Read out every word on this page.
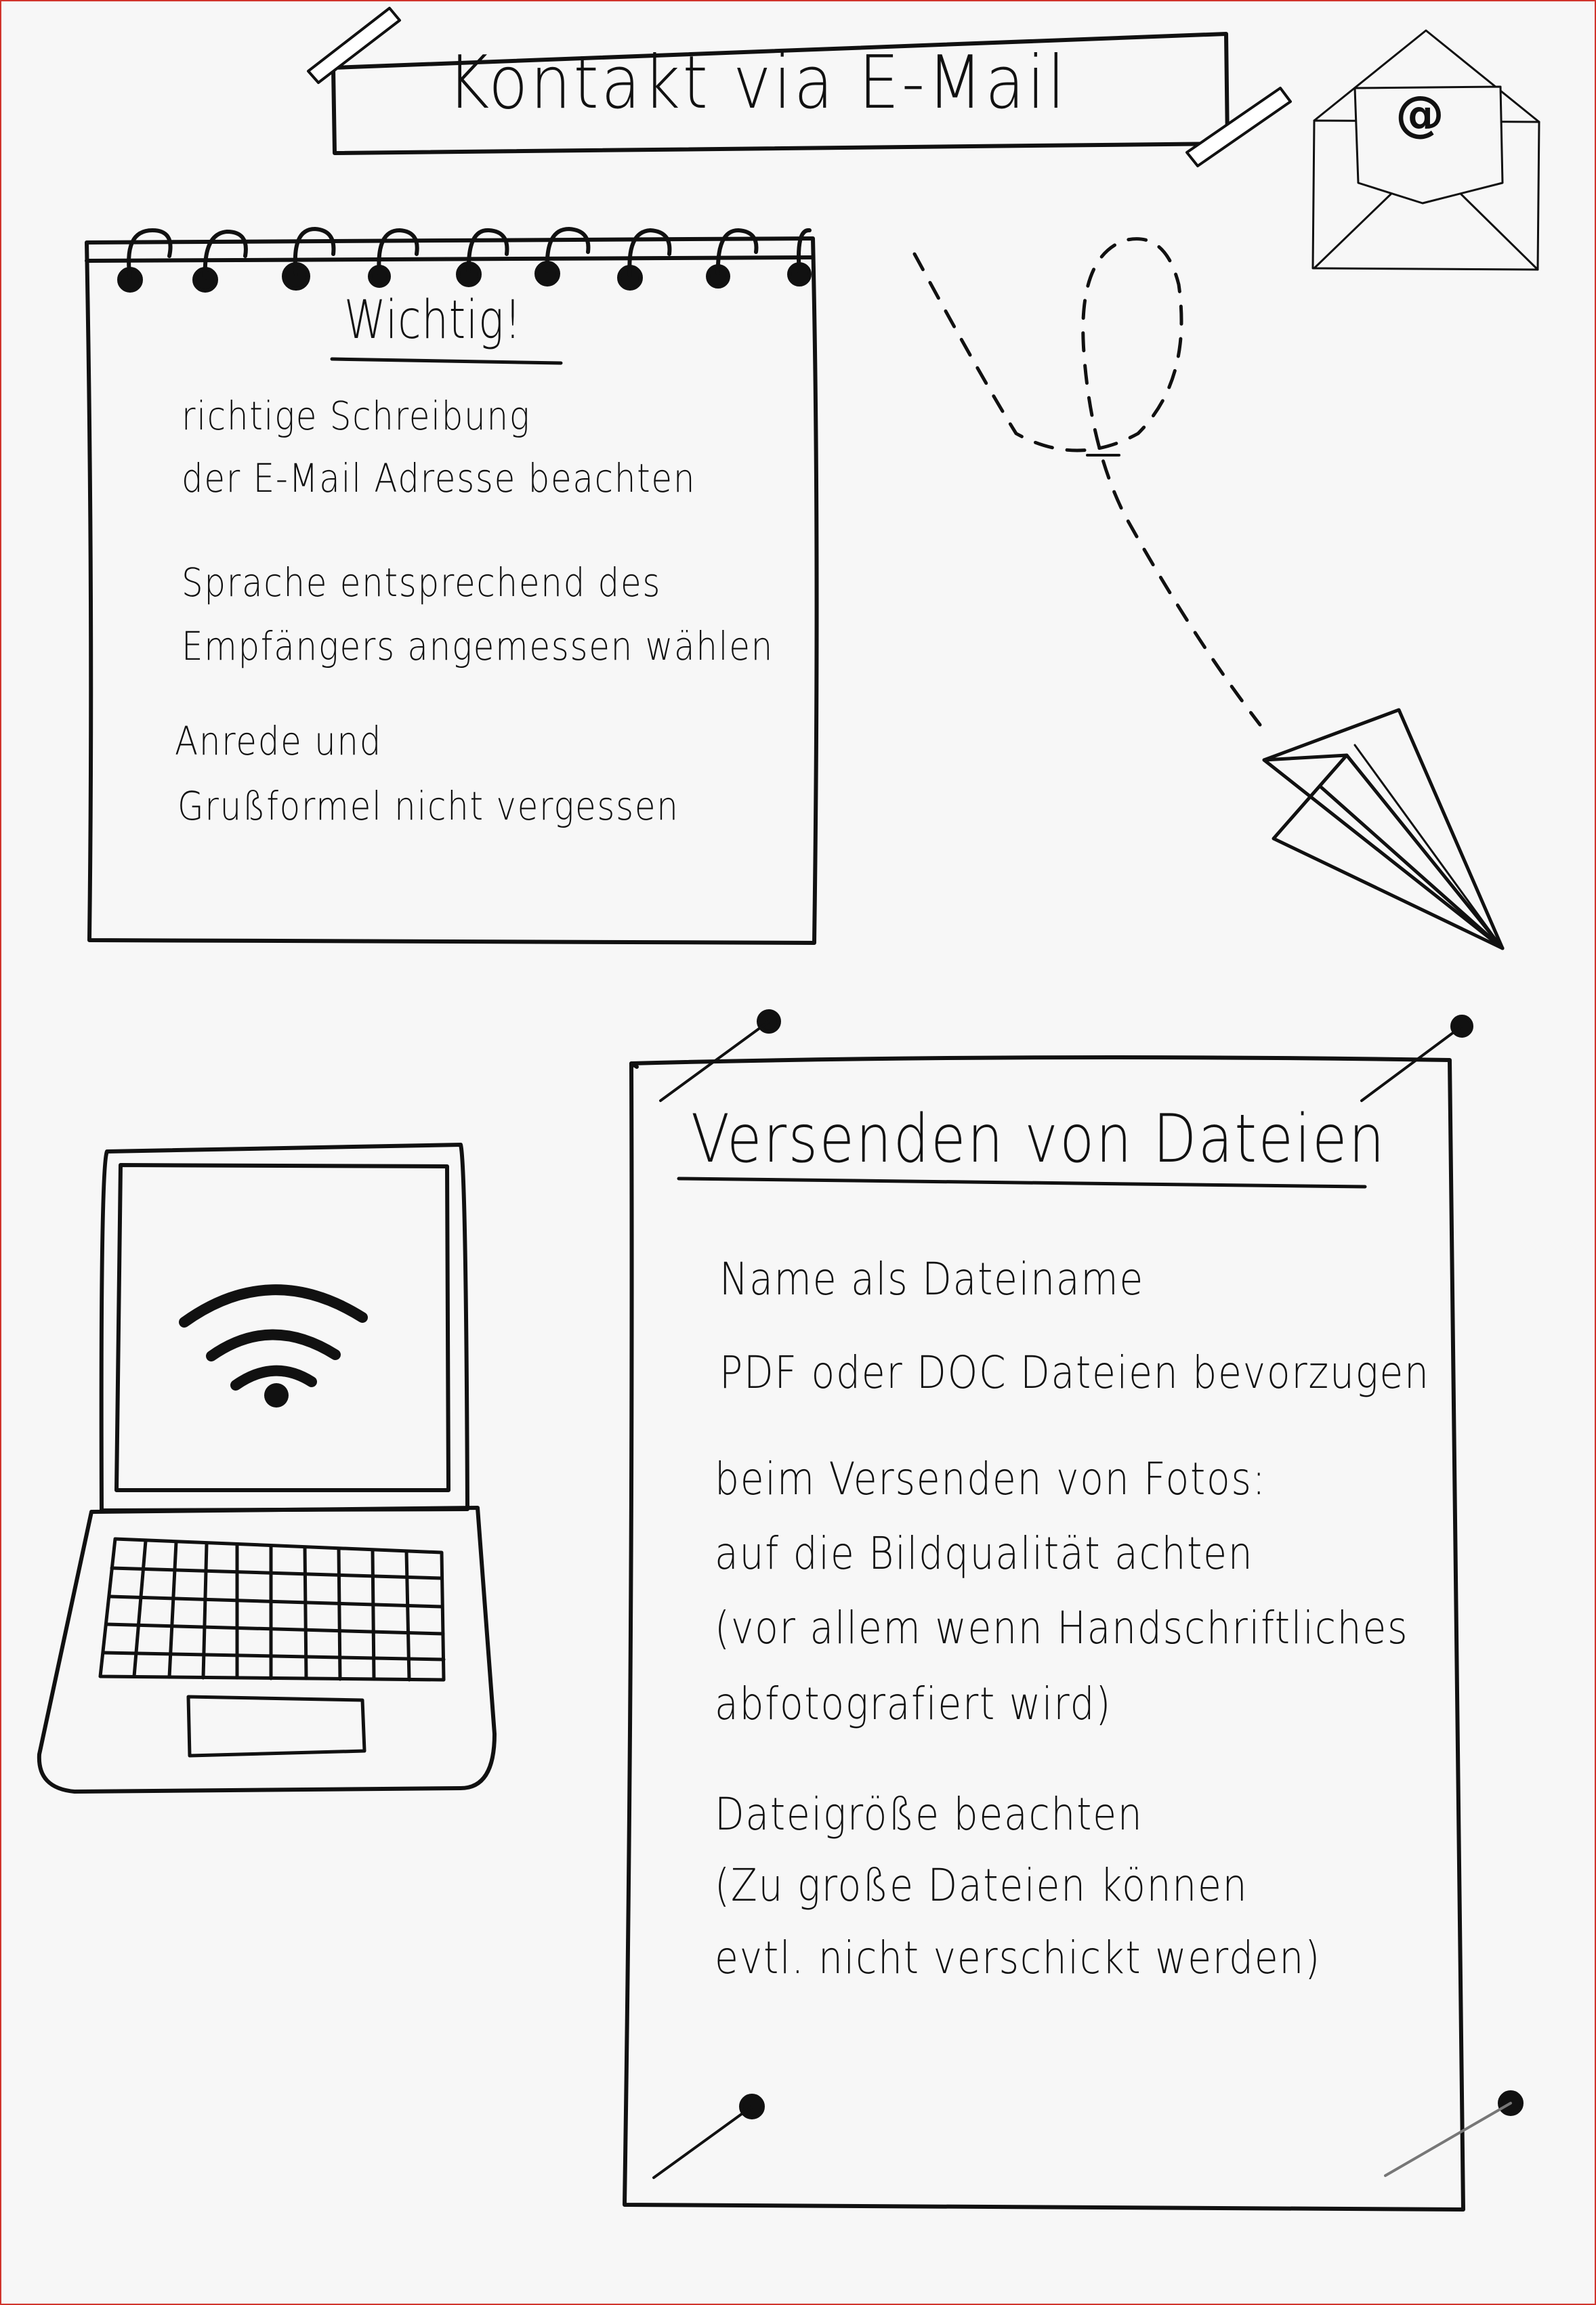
Kontakt via E-Mail	@
Wichtig!
richtige Schreibung
der E-Mail Adresse beachten
Sprache entsprechend des
Empfängers angemessen wählen
Anrede und
Grußformel nicht vergessen
Versenden von Dateien
Name als Dateiname
PDF oder DOC Dateien bevorzugen
beim Versenden von Fotos:
auf die Bildqualität achten
(vor allem wenn Handschriftliches
abfotografiert wird)
Dateigröße beachten
(Zu große Dateien können
evtl. nicht verschickt werden)
